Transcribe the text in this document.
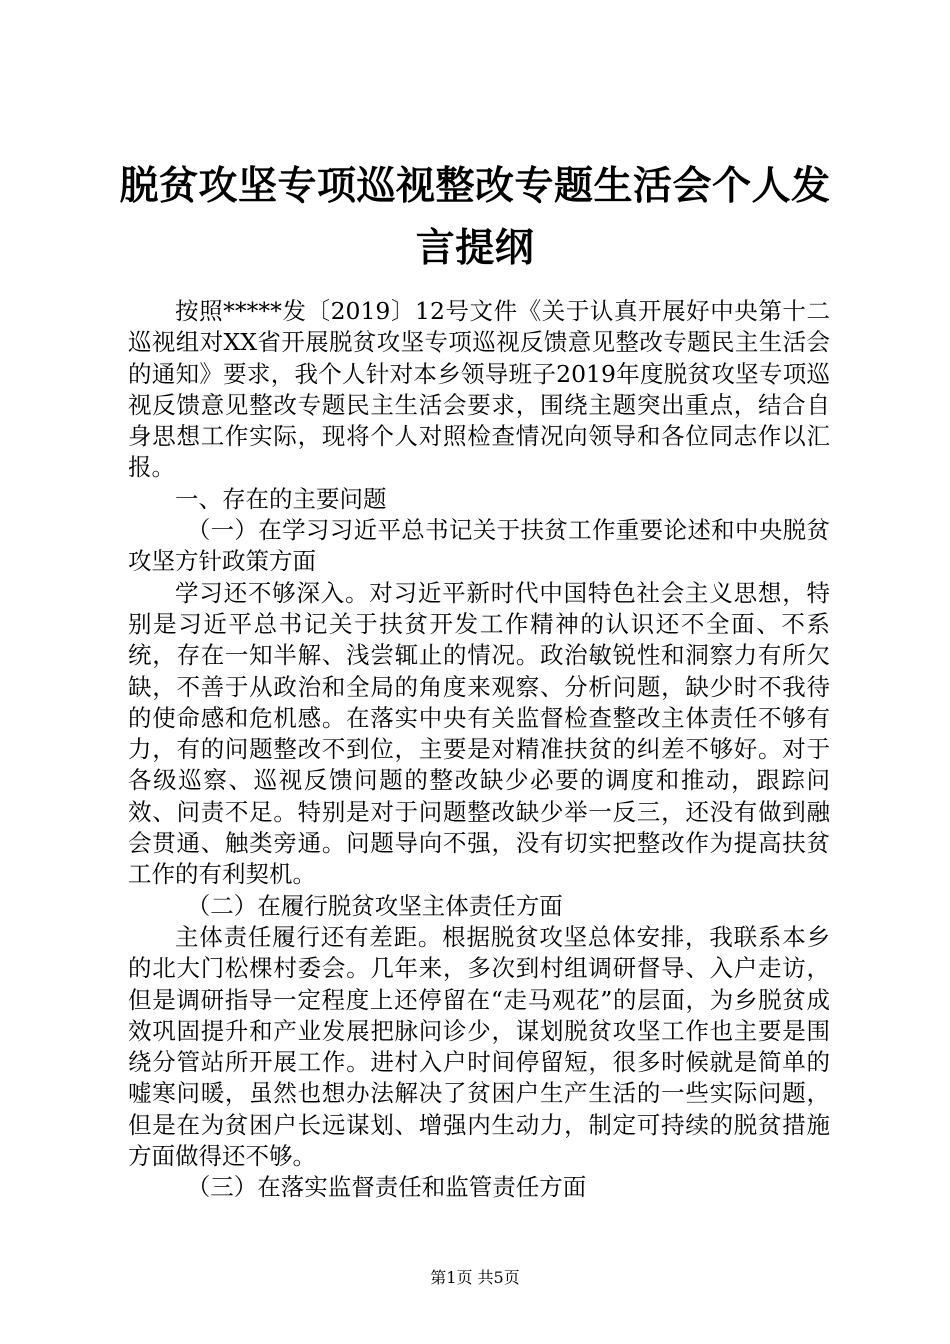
脱贫攻坚专项巡视整改专题生活会个人发言提纲

按照*****发〔2019〕12号文件《关于认真开展好中央第十二巡视组对XX省开展脱贫攻坚专项巡视反馈意见整改专题民主生活会的通知》要求，我个人针对本乡领导班子2019年度脱贫攻坚专项巡视反馈意见整改专题民主生活会要求，围绕主题突出重点，结合自身思想工作实际，现将个人对照检查情况向领导和各位同志作以汇报。

一、存在的主要问题

（一）在学习习近平总书记关于扶贫工作重要论述和中央脱贫攻坚方针政策方面

学习还不够深入。对习近平新时代中国特色社会主义思想，特别是习近平总书记关于扶贫开发工作精神的认识还不全面、不系统，存在一知半解、浅尝辄止的情况。政治敏锐性和洞察力有所欠缺，不善于从政治和全局的角度来观察、分析问题，缺少时不我待的使命感和危机感。在落实中央有关监督检查整改主体责任不够有力，有的问题整改不到位，主要是对精准扶贫的纠差不够好。对于各级巡察、巡视反馈问题的整改缺少必要的调度和推动，跟踪问效、问责不足。特别是对于问题整改缺少举一反三，还没有做到融会贯通、触类旁通。问题导向不强，没有切实把整改作为提高扶贫工作的有利契机。

（二）在履行脱贫攻坚主体责任方面

主体责任履行还有差距。根据脱贫攻坚总体安排，我联系本乡的北大门松棵村委会。几年来，多次到村组调研督导、入户走访，但是调研指导一定程度上还停留在“走马观花”的层面，为乡脱贫成效巩固提升和产业发展把脉问诊少，谋划脱贫攻坚工作也主要是围绕分管站所开展工作。进村入户时间停留短，很多时候就是简单的嘘寒问暖，虽然也想办法解决了贫困户生产生活的一些实际问题，但是在为贫困户长远谋划、增强内生动力，制定可持续的脱贫措施方面做得还不够。

（三）在落实监督责任和监管责任方面

第1页 共5页
